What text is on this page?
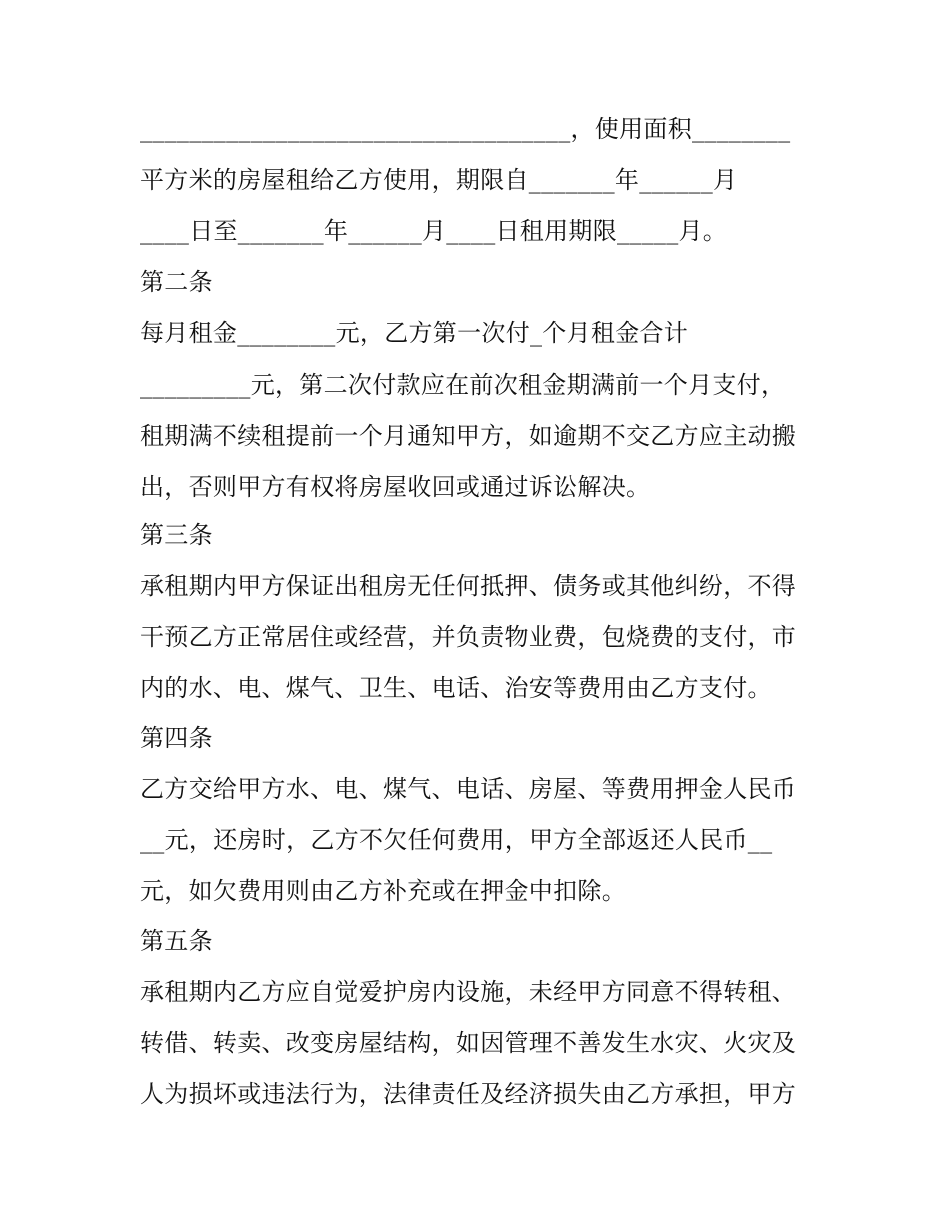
___________________________________，使用面积________
平方米的房屋租给乙方使用，期限自_______年______月
____日至_______年______月____日租用期限_____月。
第二条
每月租金________元，乙方第一次付_个月租金合计
_________元，第二次付款应在前次租金期满前一个月支付，
租期满不续租提前一个月通知甲方，如逾期不交乙方应主动搬
出，否则甲方有权将房屋收回或通过诉讼解决。
第三条
承租期内甲方保证出租房无任何抵押、债务或其他纠纷，不得
干预乙方正常居住或经营，并负责物业费，包烧费的支付，市
内的水、电、煤气、卫生、电话、治安等费用由乙方支付。
第四条
乙方交给甲方水、电、煤气、电话、房屋、等费用押金人民币
__元，还房时，乙方不欠任何费用，甲方全部返还人民币__
元，如欠费用则由乙方补充或在押金中扣除。
第五条
承租期内乙方应自觉爱护房内设施，未经甲方同意不得转租、
转借、转卖、改变房屋结构，如因管理不善发生水灾、火灾及
人为损坏或违法行为，法律责任及经济损失由乙方承担，甲方
